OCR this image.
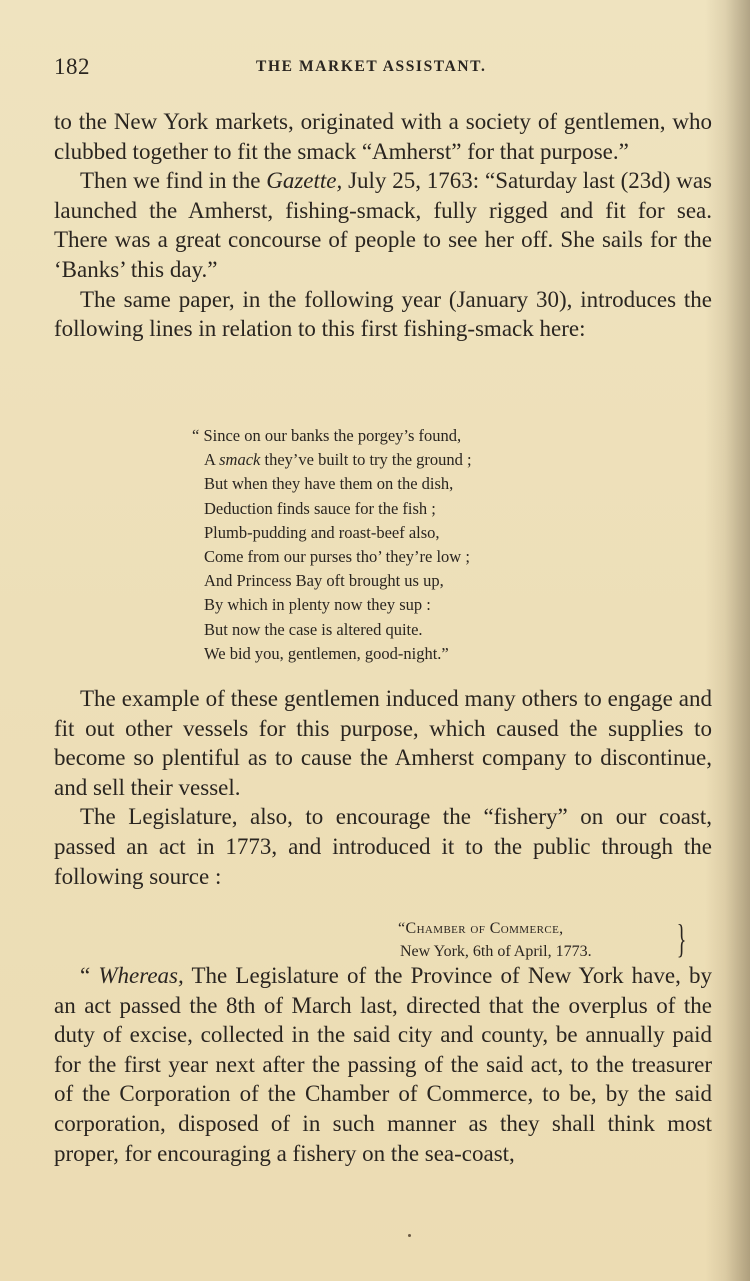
182	THE MARKET ASSISTANT.

to the New York markets, originated with a society of gentlemen, who clubbed together to fit the smack “Amherst” for that purpose.”

Then we find in the Gazette, July 25, 1763: “Saturday last (23d) was launched the Amherst, fishing-smack, fully rigged and fit for sea. There was a great concourse of people to see her off. She sails for the ‘Banks’ this day.”

The same paper, in the following year (January 30), introduces the following lines in relation to this first fishing-smack here:

“ Since on our banks the porgey’s found,
A smack they’ve built to try the ground ;
But when they have them on the dish,
Deduction finds sauce for the fish ;
Plumb-pudding and roast-beef also,
Come from our purses tho’ they’re low ;
And Princess Bay oft brought us up,
By which in plenty now they sup :
But now the case is altered quite.
We bid you, gentlemen, good-night.”

The example of these gentlemen induced many others to engage and fit out other vessels for this purpose, which caused the supplies to become so plentiful as to cause the Amherst company to discontinue, and sell their vessel.

The Legislature, also, to encourage the “fishery” on our coast, passed an act in 1773, and introduced it to the public through the following source :

“Chamber of Commerce,
New York, 6th of April, 1773.	}

“ Whereas, The Legislature of the Province of New York have, by an act passed the 8th of March last, directed that the overplus of the duty of excise, collected in the said city and county, be annually paid for the first year next after the passing of the said act, to the treasurer of the Corporation of the Chamber of Commerce, to be, by the said corporation, disposed of in such manner as they shall think most proper, for encouraging a fishery on the sea-coast,
